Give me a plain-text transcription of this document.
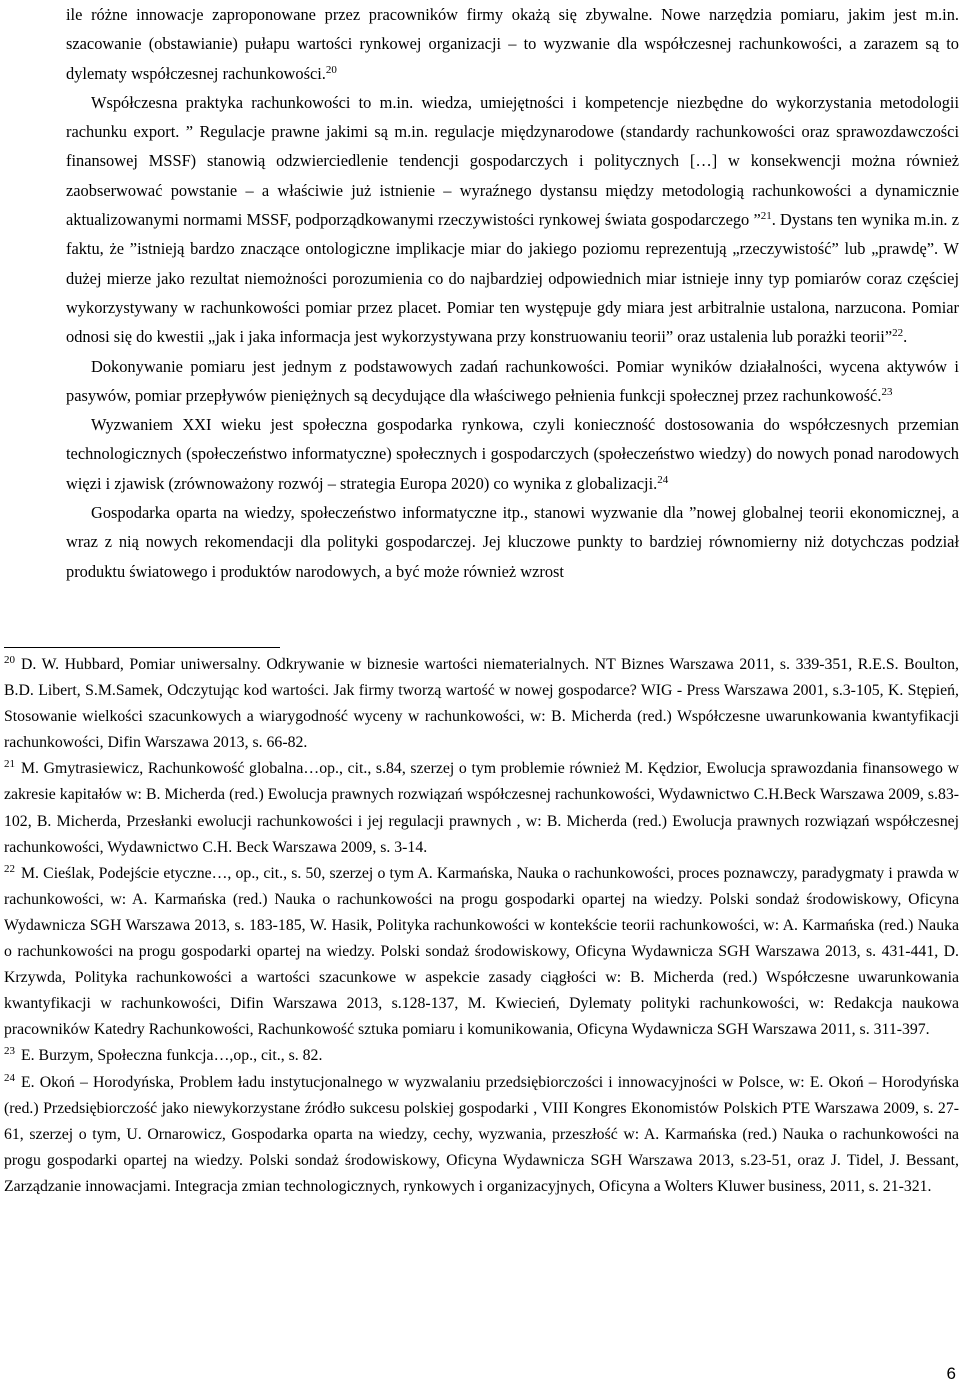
ile różne innowacje zaproponowane przez pracowników firmy okażą się zbywalne. Nowe narzędzia pomiaru, jakim jest m.in. szacowanie (obstawianie) pułapu wartości rynkowej organizacji – to wyzwanie dla współczesnej rachunkowości, a zarazem są to dylematy współczesnej rachunkowości.$^{20}$

Współczesna praktyka rachunkowości to m.in. wiedza, umiejętności i kompetencje niezbędne do wykorzystania metodologii rachunku export. ” Regulacje prawne jakimi są m.in. regulacje międzynarodowe (standardy rachunkowości oraz sprawozdawczości finansowej MSSF) stanowią odzwierciedlenie tendencji gospodarczych i politycznych […] w konsekwencji można również zaobserwować powstanie – a właściwie już istnienie – wyraźnego dystansu między metodologią rachunkowości a dynamicznie aktualizowanymi normami MSSF, podporządkowanymi rzeczywistości rynkowej świata gospodarczego ”$^{21}$. Dystans ten wynika m.in. z faktu, że ”istnieją bardzo znaczące ontologiczne implikacje miar do jakiego poziomu reprezentują „rzeczywistość” lub „prawdę”. W dużej mierze jako rezultat niemożności porozumienia co do najbardziej odpowiednich miar istnieje inny typ pomiarów coraz częściej wykorzystywany w rachunkowości pomiar przez placet. Pomiar ten występuje gdy miara jest arbitralnie ustalona, narzucona. Pomiar odnosi się do kwestii „jak i jaka informacja jest wykorzystywana przy konstruowaniu teorii” oraz ustalenia lub porażki teorii”$^{22}$.

Dokonywanie pomiaru jest jednym z podstawowych zadań rachunkowości. Pomiar wyników działalności, wycena aktywów i pasywów, pomiar przepływów pieniężnych są decydujące dla właściwego pełnienia funkcji społecznej przez rachunkowość.$^{23}$

Wyzwaniem XXI wieku jest społeczna gospodarka rynkowa, czyli konieczność dostosowania do współczesnych przemian technologicznych (społeczeństwo informatyczne) społecznych i gospodarczych (społeczeństwo wiedzy) do nowych ponad narodowych więzi i zjawisk (zrównoważony rozwój – strategia Europa 2020) co wynika z globalizacji.$^{24}$

Gospodarka oparta na wiedzy, społeczeństwo informatyczne itp., stanowi wyzwanie dla ”nowej globalnej teorii ekonomicznej, a wraz z nią nowych rekomendacji dla polityki gospodarczej. Jej kluczowe punkty to bardziej równomierny niż dotychczas podział produktu światowego i produktów narodowych, a być może również wzrost

$^{20}$ D. W. Hubbard, Pomiar uniwersalny. Odkrywanie w biznesie wartości niematerialnych. NT Biznes Warszawa 2011, s. 339-351, R.E.S. Boulton, B.D. Libert, S.M.Samek, Odczytując kod wartości. Jak firmy tworzą wartość w nowej gospodarce? WIG - Press Warszawa 2001, s.3-105, K. Stępień, Stosowanie wielkości szacunkowych a wiarygodność wyceny w rachunkowości, w: B. Micherda (red.) Współczesne uwarunkowania kwantyfikacji rachunkowości, Difin Warszawa 2013, s. 66-82.

$^{21}$ M. Gmytrasiewicz, Rachunkowość globalna…op., cit., s.84, szerzej o tym problemie również M. Kędzior, Ewolucja sprawozdania finansowego w zakresie kapitałów w: B. Micherda (red.) Ewolucja prawnych rozwiązań współczesnej rachunkowości, Wydawnictwo C.H.Beck Warszawa 2009, s.83-102, B. Micherda, Przesłanki ewolucji rachunkowości i jej regulacji prawnych , w: B. Micherda (red.) Ewolucja prawnych rozwiązań współczesnej rachunkowości, Wydawnictwo C.H. Beck Warszawa 2009, s. 3-14.

$^{22}$ M. Cieślak, Podejście etyczne…, op., cit., s. 50, szerzej o tym A. Karmańska, Nauka o rachunkowości, proces poznawczy, paradygmaty i prawda w rachunkowości, w: A. Karmańska (red.) Nauka o rachunkowości na progu gospodarki opartej na wiedzy. Polski sondaż środowiskowy, Oficyna Wydawnicza SGH Warszawa 2013, s. 183-185, W. Hasik, Polityka rachunkowości w kontekście teorii rachunkowości, w: A. Karmańska (red.) Nauka o rachunkowości na progu gospodarki opartej na wiedzy. Polski sondaż środowiskowy, Oficyna Wydawnicza SGH Warszawa 2013, s. 431-441, D. Krzywda, Polityka rachunkowości a wartości szacunkowe w aspekcie zasady ciągłości w: B. Micherda (red.) Współczesne uwarunkowania kwantyfikacji w rachunkowości, Difin Warszawa 2013, s.128-137, M. Kwiecień, Dylematy polityki rachunkowości, w: Redakcja naukowa pracowników Katedry Rachunkowości, Rachunkowość sztuka pomiaru i komunikowania, Oficyna Wydawnicza SGH Warszawa 2011, s. 311-397.

$^{23}$ E. Burzym, Społeczna funkcja…,op., cit., s. 82.

$^{24}$ E. Okoń – Horodyńska, Problem ładu instytucjonalnego w wyzwalaniu przedsiębiorczości i innowacyjności w Polsce, w: E. Okoń – Horodyńska (red.) Przedsiębiorczość jako niewykorzystane źródło sukcesu polskiej gospodarki , VIII Kongres Ekonomistów Polskich PTE Warszawa 2009, s. 27-61, szerzej o tym, U. Ornarowicz, Gospodarka oparta na wiedzy, cechy, wyzwania, przeszłość w: A. Karmańska (red.) Nauka o rachunkowości na progu gospodarki opartej na wiedzy. Polski sondaż środowiskowy, Oficyna Wydawnicza SGH Warszawa 2013, s.23-51, oraz J. Tidel, J. Bessant, Zarządzanie innowacjami. Integracja zmian technologicznych, rynkowych i organizacyjnych, Oficyna a Wolters Kluwer business, 2011, s. 21-321.

6
